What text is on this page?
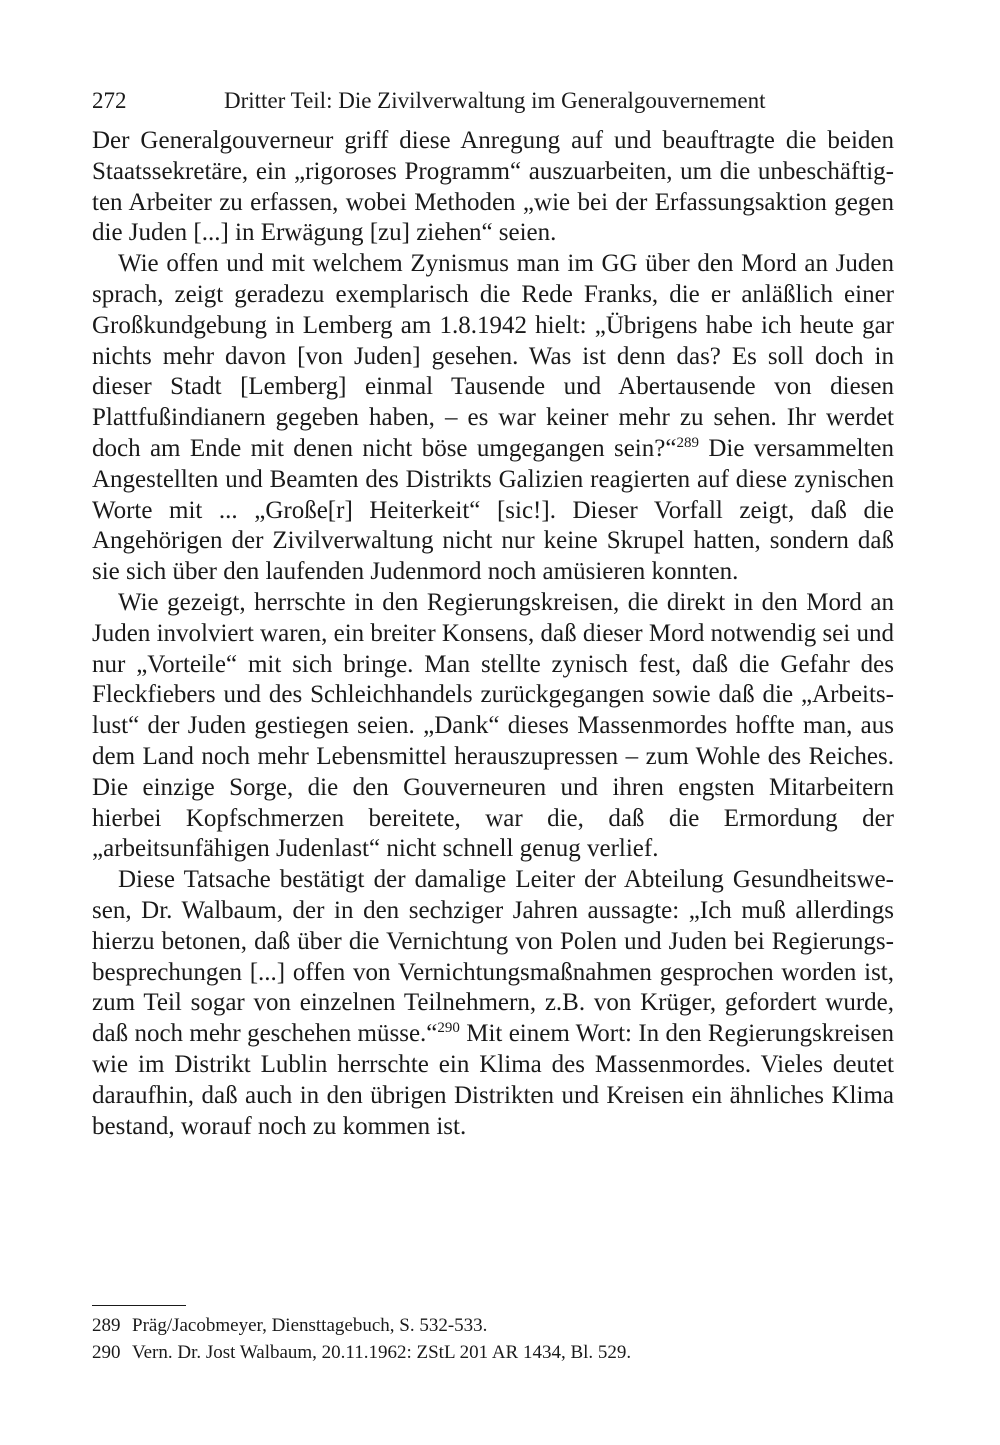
272	Dritter Teil: Die Zivilverwaltung im Generalgouvernement

Der Generalgouverneur griff diese Anregung auf und beauftragte die beiden Staatssekretäre, ein „rigoroses Programm“ auszuarbeiten, um die unbeschäftigten Arbeiter zu erfassen, wobei Methoden „wie bei der Erfassungsaktion gegen die Juden [...] in Erwägung [zu] ziehen“ seien.

Wie offen und mit welchem Zynismus man im GG über den Mord an Juden sprach, zeigt geradezu exemplarisch die Rede Franks, die er anläßlich einer Großkundgebung in Lemberg am 1.8.1942 hielt: „Übrigens habe ich heute gar nichts mehr davon [von Juden] gesehen. Was ist denn das? Es soll doch in dieser Stadt [Lemberg] einmal Tausende und Abertausende von diesen Plattfußindianern gegeben haben, – es war keiner mehr zu sehen. Ihr werdet doch am Ende mit denen nicht böse umgegangen sein?“$^{289}$ Die versammelten Angestellten und Beamten des Distrikts Galizien reagierten auf diese zynischen Worte mit ... „Große[r] Heiterkeit“ [sic!]. Dieser Vorfall zeigt, daß die Angehörigen der Zivilverwaltung nicht nur keine Skrupel hatten, sondern daß sie sich über den laufenden Judenmord noch amüsieren konnten.

Wie gezeigt, herrschte in den Regierungskreisen, die direkt in den Mord an Juden involviert waren, ein breiter Konsens, daß dieser Mord notwendig sei und nur „Vorteile“ mit sich bringe. Man stellte zynisch fest, daß die Gefahr des Fleckfiebers und des Schleichhandels zurückgegangen sowie daß die „Arbeitslust“ der Juden gestiegen seien. „Dank“ dieses Massenmordes hoffte man, aus dem Land noch mehr Lebensmittel herauszupressen – zum Wohle des Reiches. Die einzige Sorge, die den Gouverneuren und ihren engsten Mitarbeitern hierbei Kopfschmerzen bereitete, war die, daß die Ermordung der „arbeitsunfähigen Judenlast“ nicht schnell genug verlief.

Diese Tatsache bestätigt der damalige Leiter der Abteilung Gesundheitswesen, Dr. Walbaum, der in den sechziger Jahren aussagte: „Ich muß allerdings hierzu betonen, daß über die Vernichtung von Polen und Juden bei Regierungsbesprechungen [...] offen von Vernichtungsmaßnahmen gesprochen worden ist, zum Teil sogar von einzelnen Teilnehmern, z.B. von Krüger, gefordert wurde, daß noch mehr geschehen müsse.“$^{290}$ Mit einem Wort: In den Regierungskreisen wie im Distrikt Lublin herrschte ein Klima des Massenmordes. Vieles deutet daraufhin, daß auch in den übrigen Distrikten und Kreisen ein ähnliches Klima bestand, worauf noch zu kommen ist.

289 Präg/Jacobmeyer, Diensttagebuch, S. 532-533.
290 Vern. Dr. Jost Walbaum, 20.11.1962: ZStL 201 AR 1434, Bl. 529.
